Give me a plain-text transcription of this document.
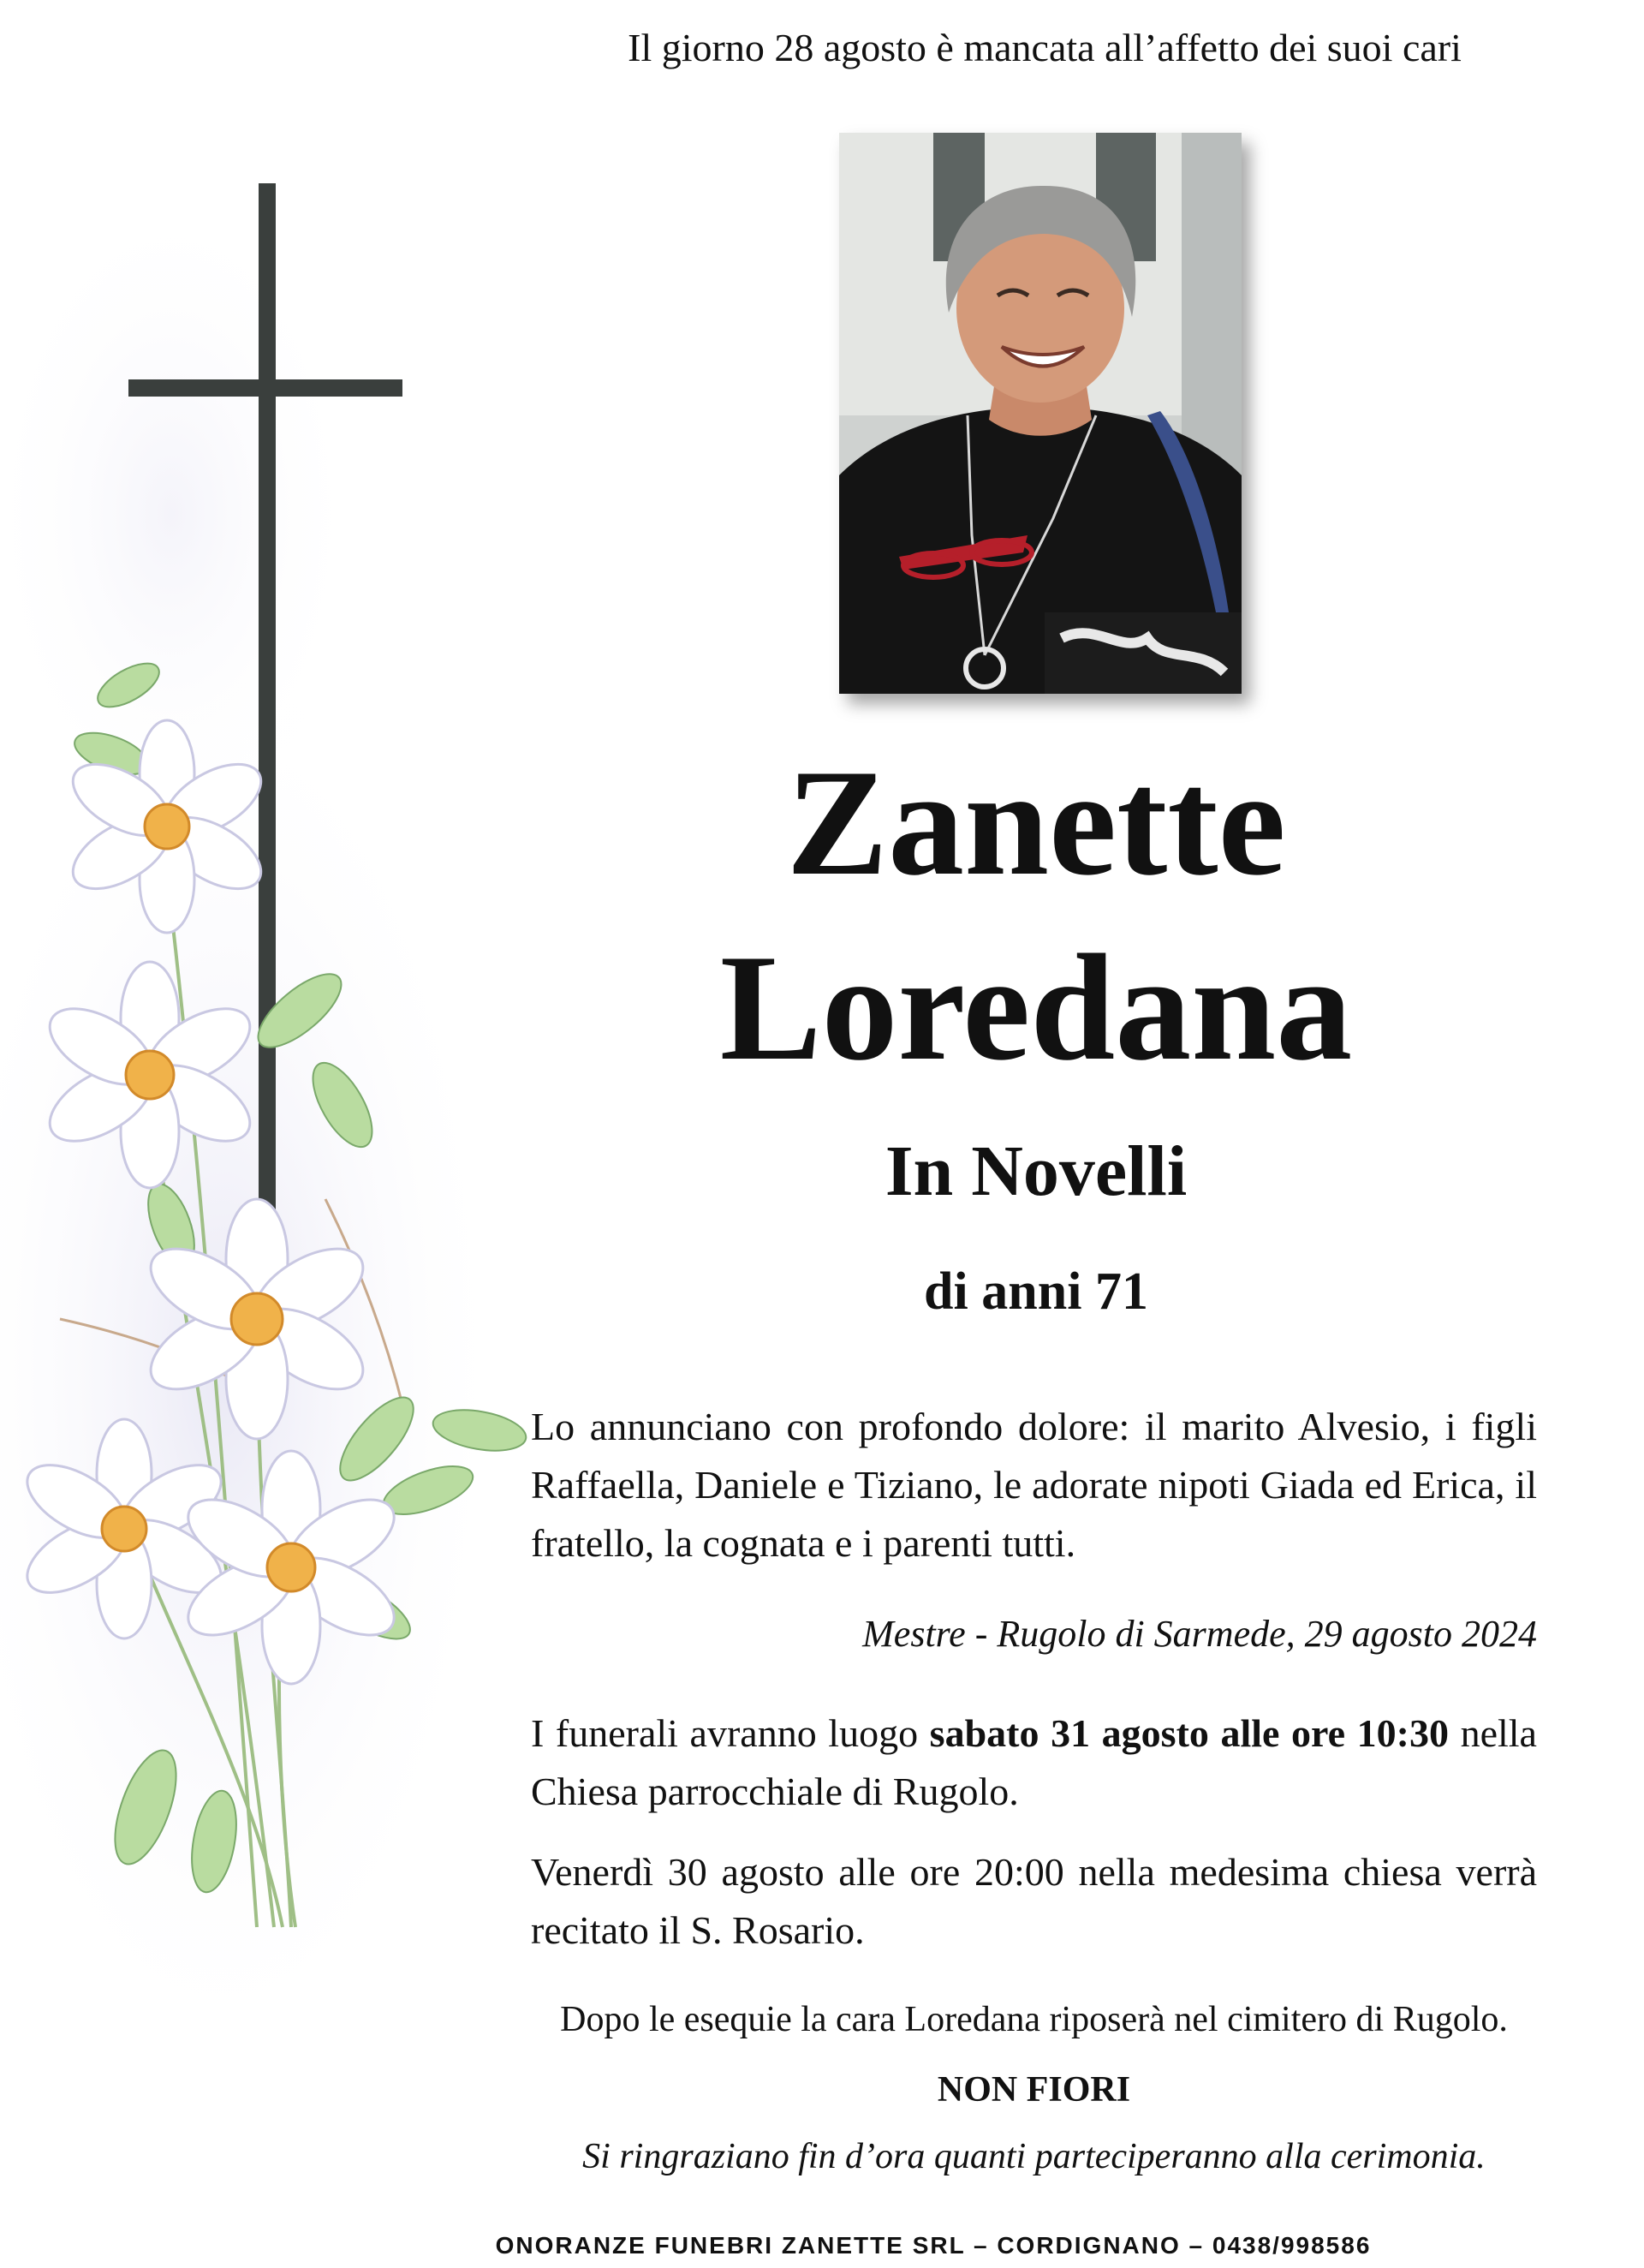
Il giorno 28 agosto è mancata all’affetto dei suoi cari
Zanette
Loredana
In Novelli
di anni 71
Lo annunciano con profondo dolore: il marito Alvesio, i figli Raffaella, Daniele e Tiziano, le adorate nipoti Giada ed Erica, il fratello, la cognata e i parenti tutti.
Mestre - Rugolo di Sarmede, 29 agosto 2024
I funerali avranno luogo sabato 31 agosto alle ore 10:30 nella Chiesa parrocchiale di Rugolo.
Venerdì 30 agosto alle ore 20:00 nella medesima chiesa verrà recitato il S. Rosario.
Dopo le esequie la cara Loredana riposerà nel cimitero di Rugolo.
NON FIORI
Si ringraziano fin d’ora quanti parteciperanno alla cerimonia.
ONORANZE FUNEBRI ZANETTE SRL – CORDIGNANO – 0438/998586
